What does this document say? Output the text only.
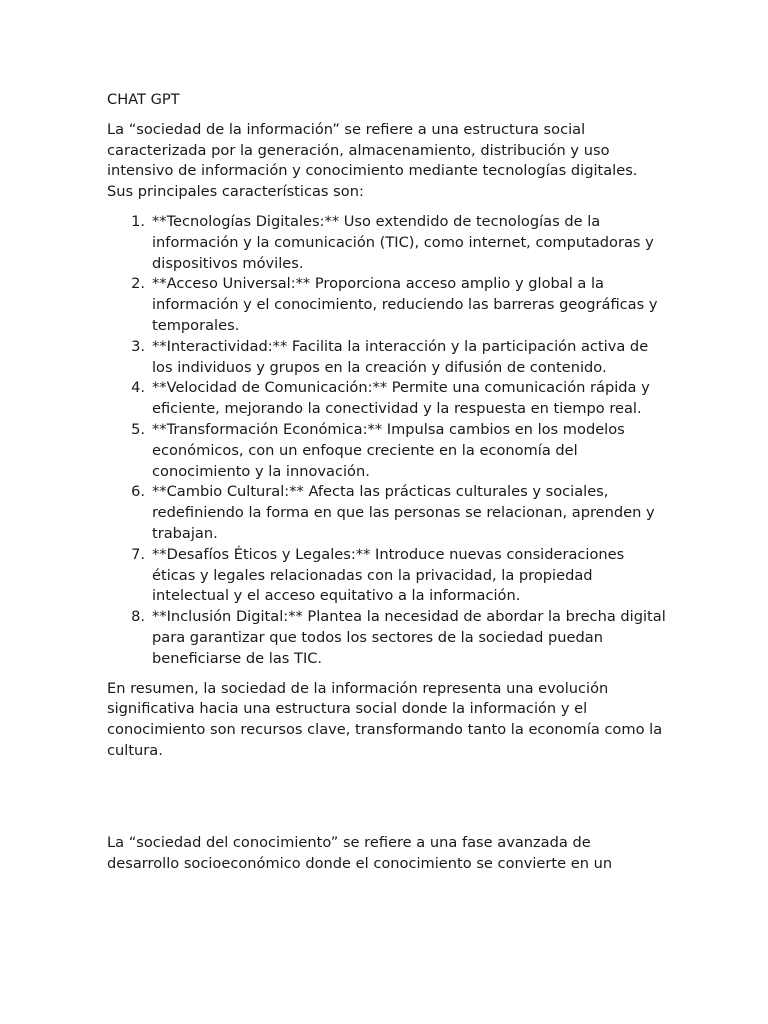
CHAT GPT

La “sociedad de la información” se refiere a una estructura social caracterizada por la generación, almacenamiento, distribución y uso intensivo de información y conocimiento mediante tecnologías digitales. Sus principales características son:

1. **Tecnologías Digitales:** Uso extendido de tecnologías de la información y la comunicación (TIC), como internet, computadoras y dispositivos móviles.
2. **Acceso Universal:** Proporciona acceso amplio y global a la información y el conocimiento, reduciendo las barreras geográficas y temporales.
3. **Interactividad:** Facilita la interacción y la participación activa de los individuos y grupos en la creación y difusión de contenido.
4. **Velocidad de Comunicación:** Permite una comunicación rápida y eficiente, mejorando la conectividad y la respuesta en tiempo real.
5. **Transformación Económica:** Impulsa cambios en los modelos económicos, con un enfoque creciente en la economía del conocimiento y la innovación.
6. **Cambio Cultural:** Afecta las prácticas culturales y sociales, redefiniendo la forma en que las personas se relacionan, aprenden y trabajan.
7. **Desafíos Éticos y Legales:** Introduce nuevas consideraciones éticas y legales relacionadas con la privacidad, la propiedad intelectual y el acceso equitativo a la información.
8. **Inclusión Digital:** Plantea la necesidad de abordar la brecha digital para garantizar que todos los sectores de la sociedad puedan beneficiarse de las TIC.

En resumen, la sociedad de la información representa una evolución significativa hacia una estructura social donde la información y el conocimiento son recursos clave, transformando tanto la economía como la cultura.

La “sociedad del conocimiento” se refiere a una fase avanzada de desarrollo socioeconómico donde el conocimiento se convierte en un
